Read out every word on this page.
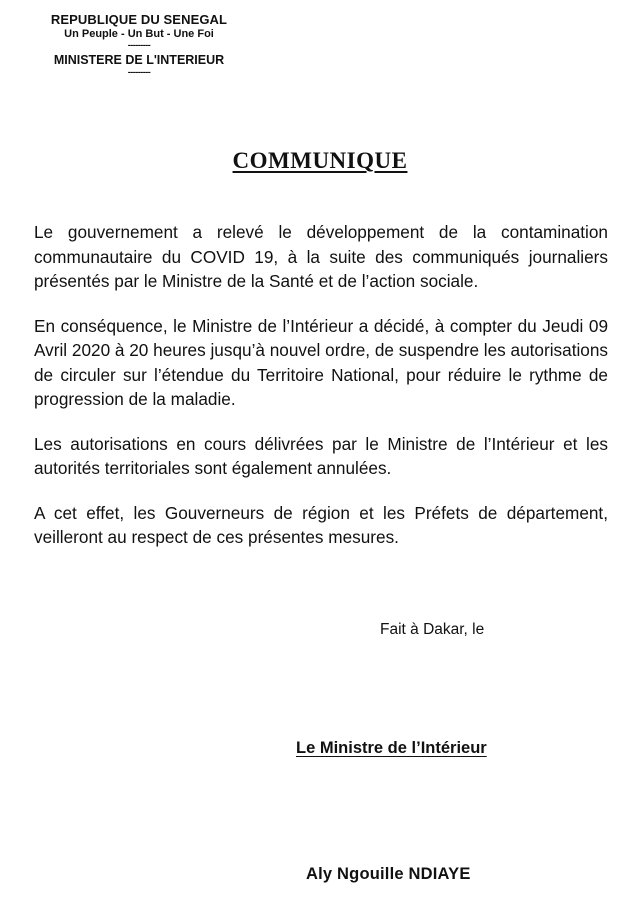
REPUBLIQUE DU SENEGAL
Un Peuple - Un But - Une Foi
---------
MINISTERE DE L'INTERIEUR
---------
COMMUNIQUE

Le gouvernement a relevé le développement de la contamination communautaire du COVID 19, à la suite des communiqués journaliers présentés par le Ministre de la Santé et de l’action sociale.

En conséquence, le Ministre de l’Intérieur a décidé, à compter du Jeudi 09 Avril 2020 à 20 heures jusqu’à nouvel ordre, de suspendre les autorisations de circuler sur l’étendue du Territoire National, pour réduire le rythme de progression de la maladie.

Les autorisations en cours délivrées par le Ministre de l’Intérieur et les autorités territoriales sont également annulées.

A cet effet, les Gouverneurs de région et les Préfets de département, veilleront au respect de ces présentes mesures.

Fait à Dakar, le
Le Ministre de l’Intérieur
Aly Ngouille NDIAYE
